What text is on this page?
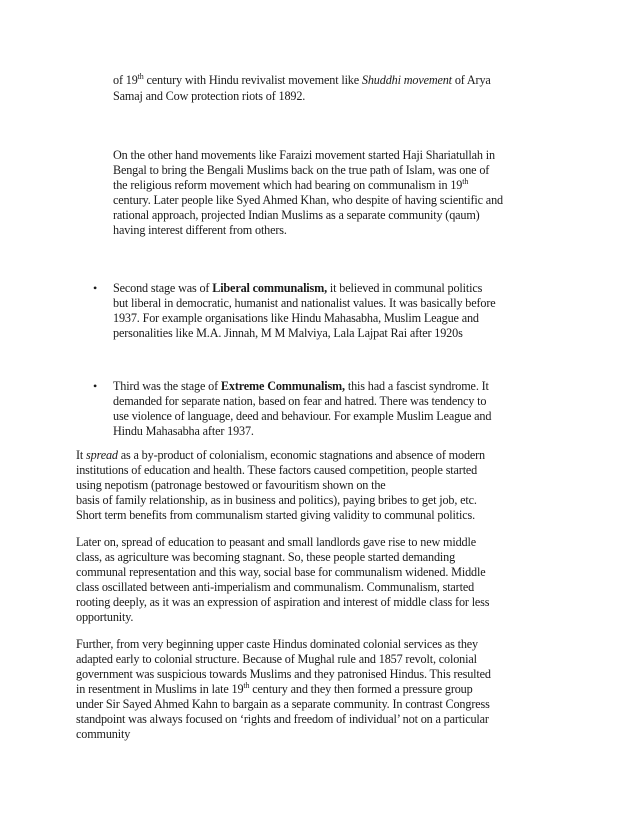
of 19th century with Hindu revivalist movement like Shuddhi movement of Arya
Samaj and Cow protection riots of 1892.
On the other hand movements like Faraizi movement started Haji Shariatullah in
Bengal to bring the Bengali Muslims back on the true path of Islam, was one of
the religious reform movement which had bearing on communalism in 19th
century. Later people like Syed Ahmed Khan, who despite of having scientific and
rational approach, projected Indian Muslims as a separate community (qaum)
having interest different from others.
• Second stage was of Liberal communalism, it believed in communal politics
but liberal in democratic, humanist and nationalist values. It was basically before
1937. For example organisations like Hindu Mahasabha, Muslim League and
personalities like M.A. Jinnah, M M Malviya, Lala Lajpat Rai after 1920s
• Third was the stage of Extreme Communalism, this had a fascist syndrome. It
demanded for separate nation, based on fear and hatred. There was tendency to
use violence of language, deed and behaviour. For example Muslim League and
Hindu Mahasabha after 1937.
It spread as a by-product of colonialism, economic stagnations and absence of modern
institutions of education and health. These factors caused competition, people started
using nepotism (patronage bestowed or favouritism shown on the
basis of family relationship, as in business and politics), paying bribes to get job, etc.
Short term benefits from communalism started giving validity to communal politics.
Later on, spread of education to peasant and small landlords gave rise to new middle
class, as agriculture was becoming stagnant. So, these people started demanding
communal representation and this way, social base for communalism widened. Middle
class oscillated between anti-imperialism and communalism. Communalism, started
rooting deeply, as it was an expression of aspiration and interest of middle class for less
opportunity.
Further, from very beginning upper caste Hindus dominated colonial services as they
adapted early to colonial structure. Because of Mughal rule and 1857 revolt, colonial
government was suspicious towards Muslims and they patronised Hindus. This resulted
in resentment in Muslims in late 19th century and they then formed a pressure group
under Sir Sayed Ahmed Kahn to bargain as a separate community. In contrast Congress
standpoint was always focused on ‘rights and freedom of individual’ not on a particular
community
